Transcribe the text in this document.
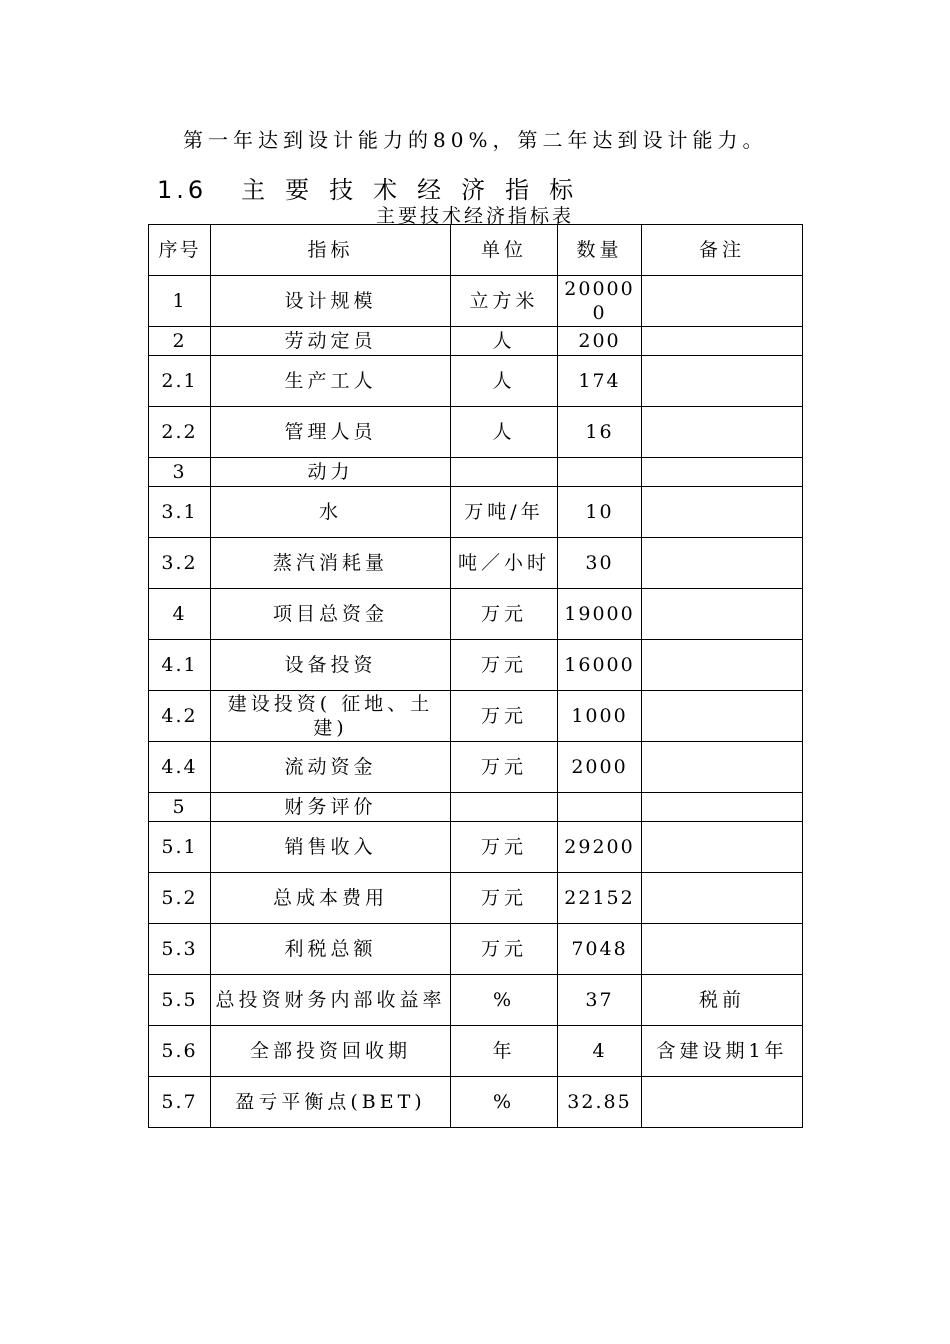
第一年达到设计能力的80%，第二年达到设计能力。
1.6 主要技术经济指标
主要技术经济指标表
序号	指标	单位	数量	备注
1	设计规模	立方米	200000	
2	劳动定员	人	200	
2.1	生产工人	人	174	
2.2	管理人员	人	16	
3	动力			
3.1	水	万吨/年	10	
3.2	蒸汽消耗量	吨／小时	30	
4	项目总资金	万元	19000	
4.1	设备投资	万元	16000	
4.2	建设投资( 征地、土建)	万元	1000	
4.4	流动资金	万元	2000	
5	财务评价			
5.1	销售收入	万元	29200	
5.2	总成本费用	万元	22152	
5.3	利税总额	万元	7048	
5.5	总投资财务内部收益率	%	37	税前
5.6	全部投资回收期	年	4	含建设期1年
5.7	盈亏平衡点(BET)	%	32.85	
